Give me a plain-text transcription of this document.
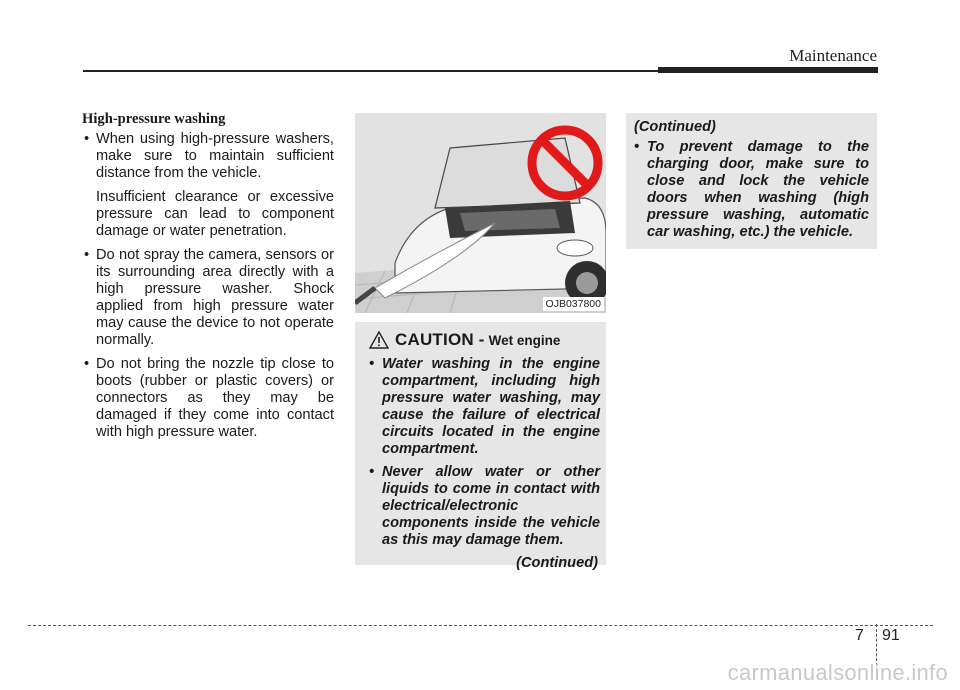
Maintenance
High-pressure washing
• When using high-pressure washers, make sure to maintain sufficient distance from the vehicle.

Insufficient clearance or excessive pressure can lead to component damage or water penetration.

• Do not spray the camera, sensors or its surrounding area directly with a high pressure washer. Shock applied from high pressure water may cause the device to not operate normally.
• Do not bring the nozzle tip close to boots (rubber or plastic covers) or connectors as they may be damaged if they come into contact with high pressure water.
OJB037800
CAUTION - Wet engine
• Water washing in the engine compartment, including high pressure water washing, may cause the failure of electrical circuits located in the engine compartment.
• Never allow water or other liquids to come in contact with electrical/electronic components inside the vehicle as this may damage them.
(Continued)
(Continued)
• To prevent damage to the charging door, make sure to close and lock the vehicle doors when washing (high pressure washing, automatic car washing, etc.) the vehicle.
7 91
carmanualsonline.info
